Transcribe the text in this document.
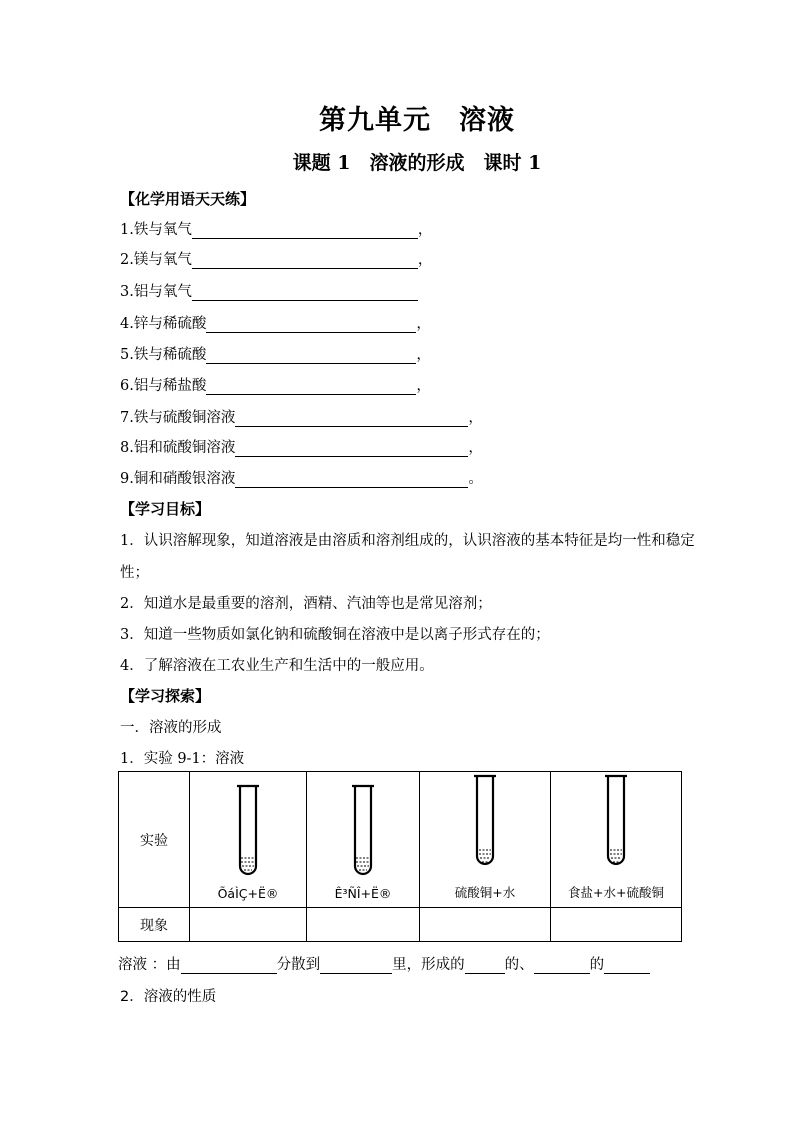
第九单元　溶液
课题 1　溶液的形成　课时 1
【化学用语天天练】
1.铁与氧气	，
2.镁与氧气	，
3.铝与氧气
4.锌与稀硫酸	，
5.铁与稀硫酸	，
6.铝与稀盐酸	，
7.铁与硫酸铜溶液	，
8.铝和硫酸铜溶液	，
9.铜和硝酸银溶液	。
【学习目标】
1．认识溶解现象，知道溶液是由溶质和溶剂组成的，认识溶液的基本特征是均一性和稳定
性；
2．知道水是最重要的溶剂，酒精、汽油等也是常见溶剂；
3．知道一些物质如氯化钠和硫酸铜在溶液中是以离子形式存在的；
4．了解溶液在工农业生产和生活中的一般应用。
【学习探索】
一．溶液的形成
1．实验 9-1：溶液
实验	ÕáÌÇ+Ë®	Ê³ÑÎ+Ë®	硫酸铜+水	食盐+水+硫酸铜

现象				
溶液 ：由	分散到	里，形成的	的、	的
2．溶液的性质
